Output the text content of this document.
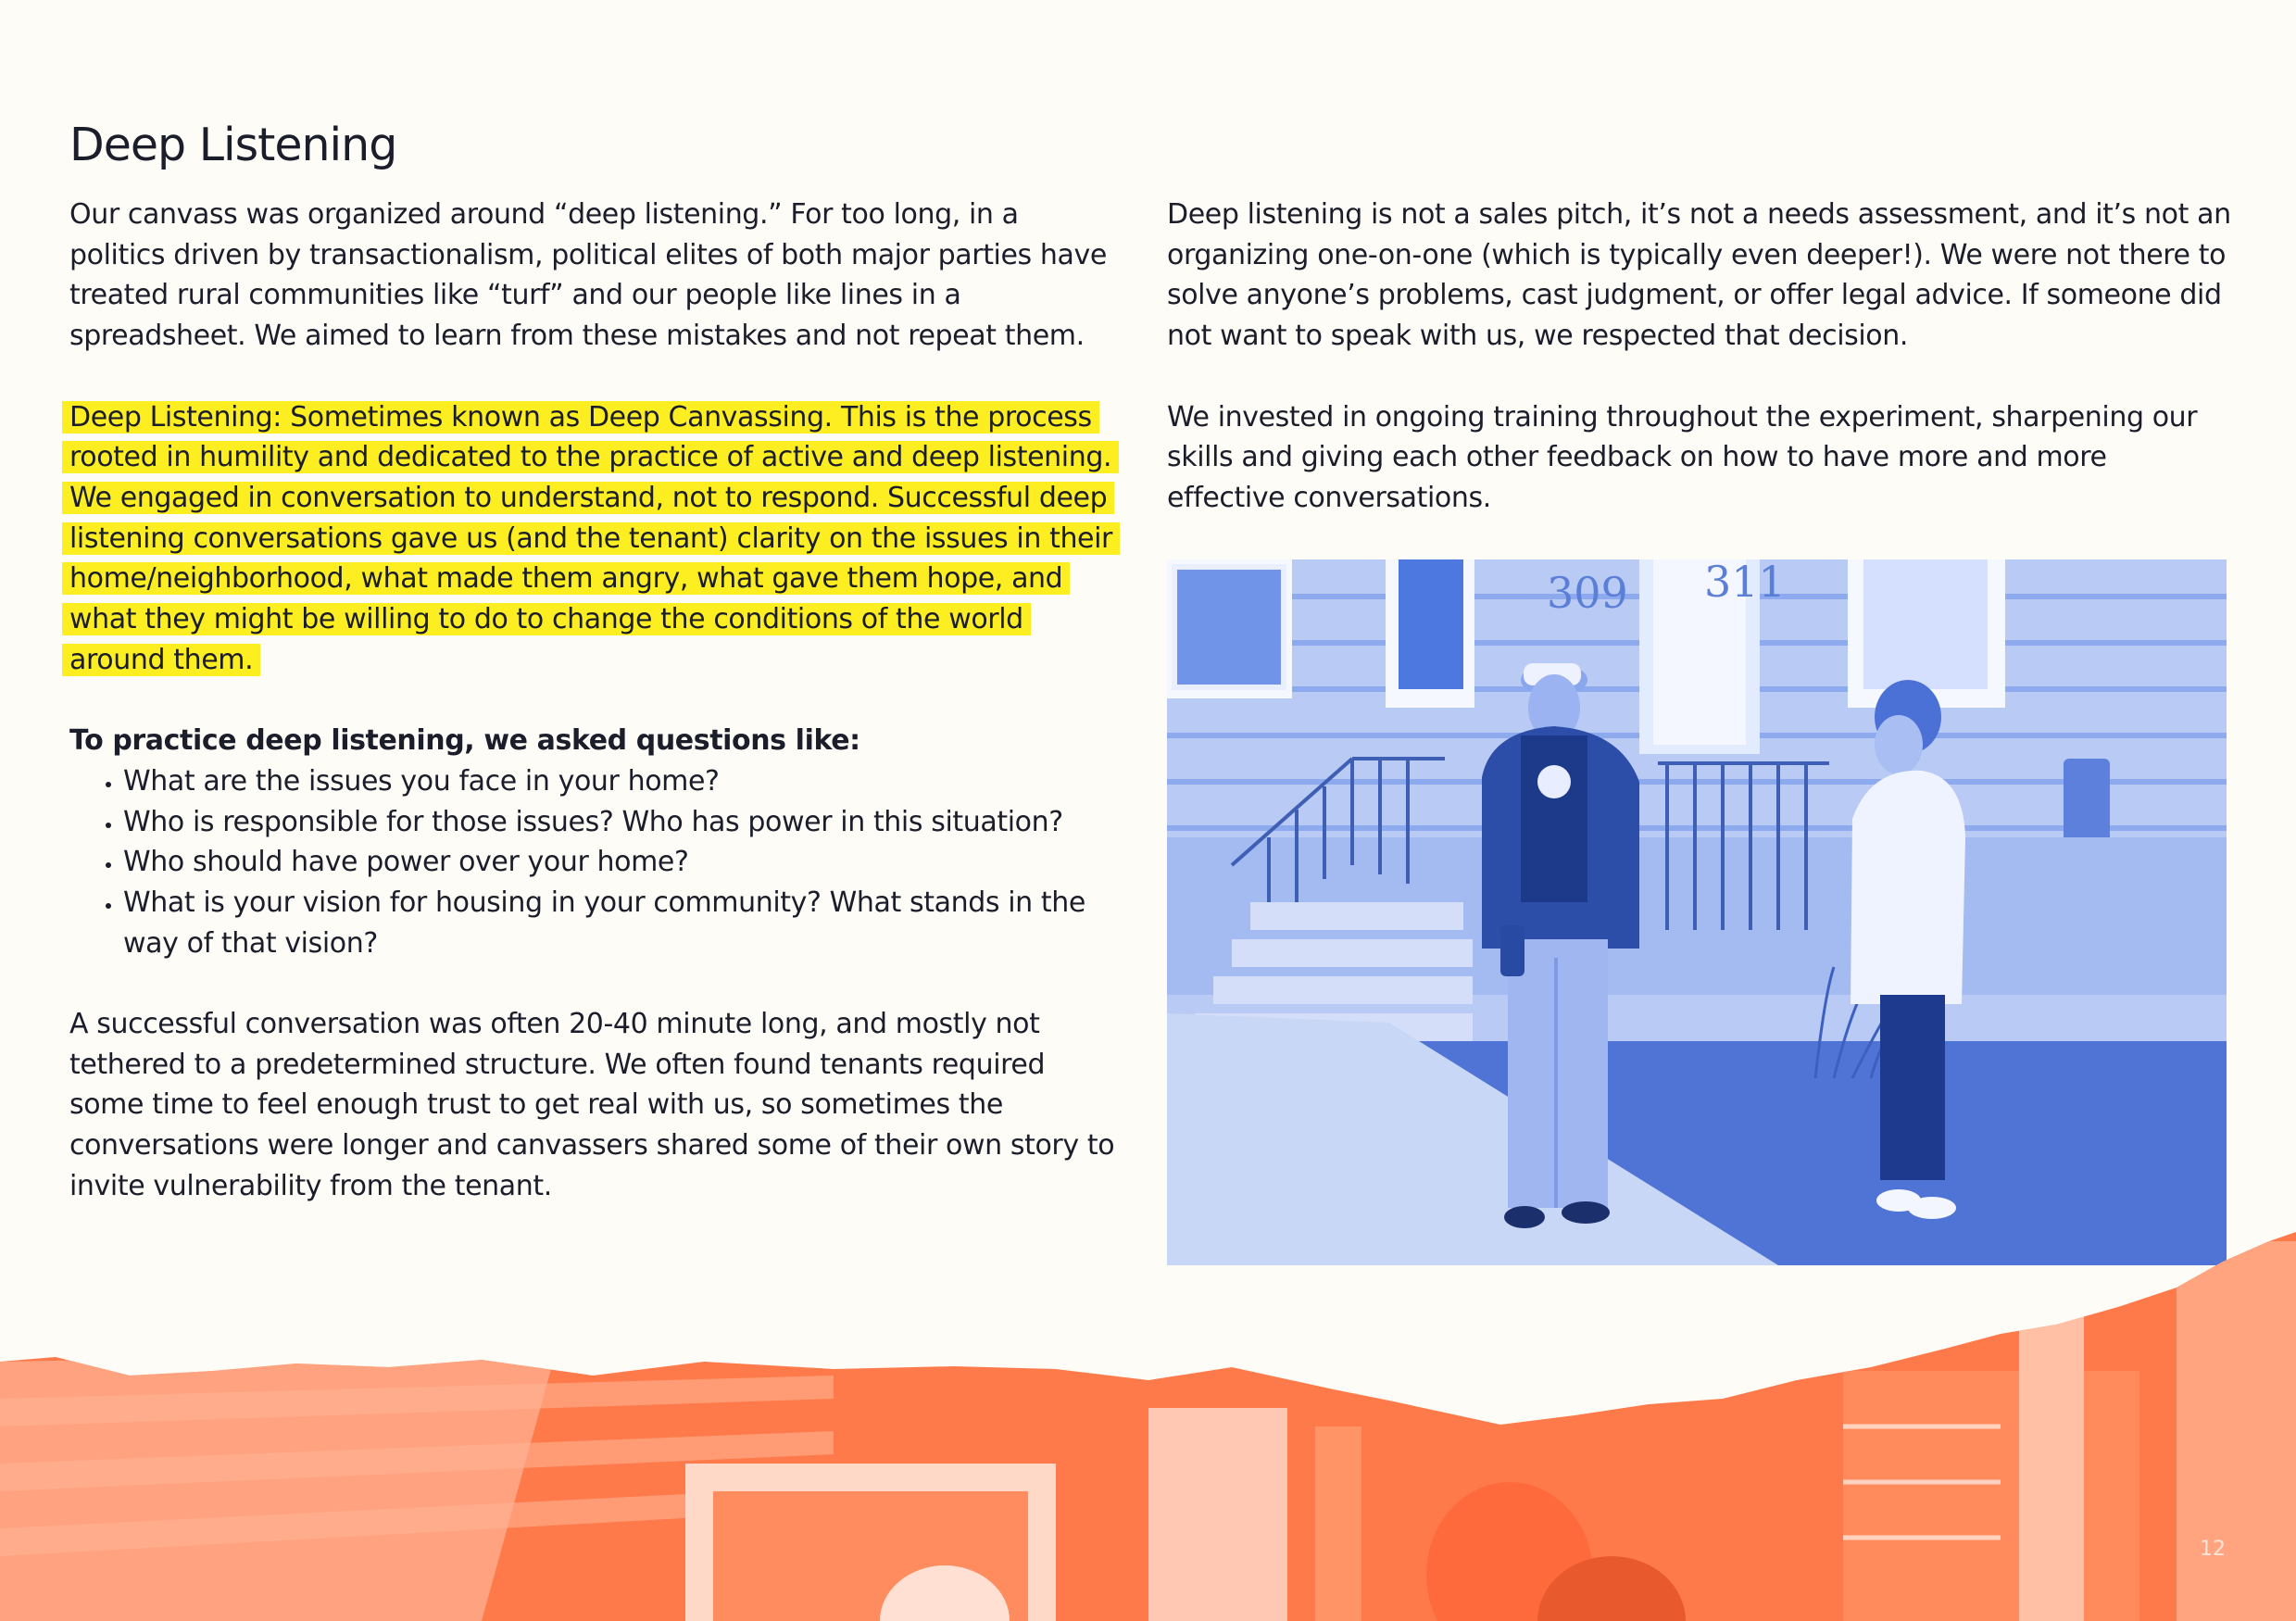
Deep Listening

Our canvass was organized around “deep listening.” For too long, in a politics driven by transactionalism, political elites of both major parties have treated rural communities like “turf” and our people like lines in a spreadsheet. We aimed to learn from these mistakes and not repeat them.

Deep Listening: Sometimes known as Deep Canvassing. This is the process rooted in humility and dedicated to the practice of active and deep listening. We engaged in conversation to understand, not to respond. Successful deep listening conversations gave us (and the tenant) clarity on the issues in their home/neighborhood, what made them angry, what gave them hope, and what they might be willing to do to change the conditions of the world around them.

To practice deep listening, we asked questions like:

• What are the issues you face in your home?
• Who is responsible for those issues? Who has power in this situation?
• Who should have power over your home?
• What is your vision for housing in your community? What stands in the way of that vision?

A successful conversation was often 20-40 minute long, and mostly not tethered to a predetermined structure. We often found tenants required some time to feel enough trust to get real with us, so sometimes the conversations were longer and canvassers shared some of their own story to invite vulnerability from the tenant.

Deep listening is not a sales pitch, it’s not a needs assessment, and it’s not an organizing one-on-one (which is typically even deeper!). We were not there to solve anyone’s problems, cast judgment, or offer legal advice. If someone did not want to speak with us, we respected that decision.

We invested in ongoing training throughout the experiment, sharpening our skills and giving each other feedback on how to have more and more effective conversations.

309 311
12
